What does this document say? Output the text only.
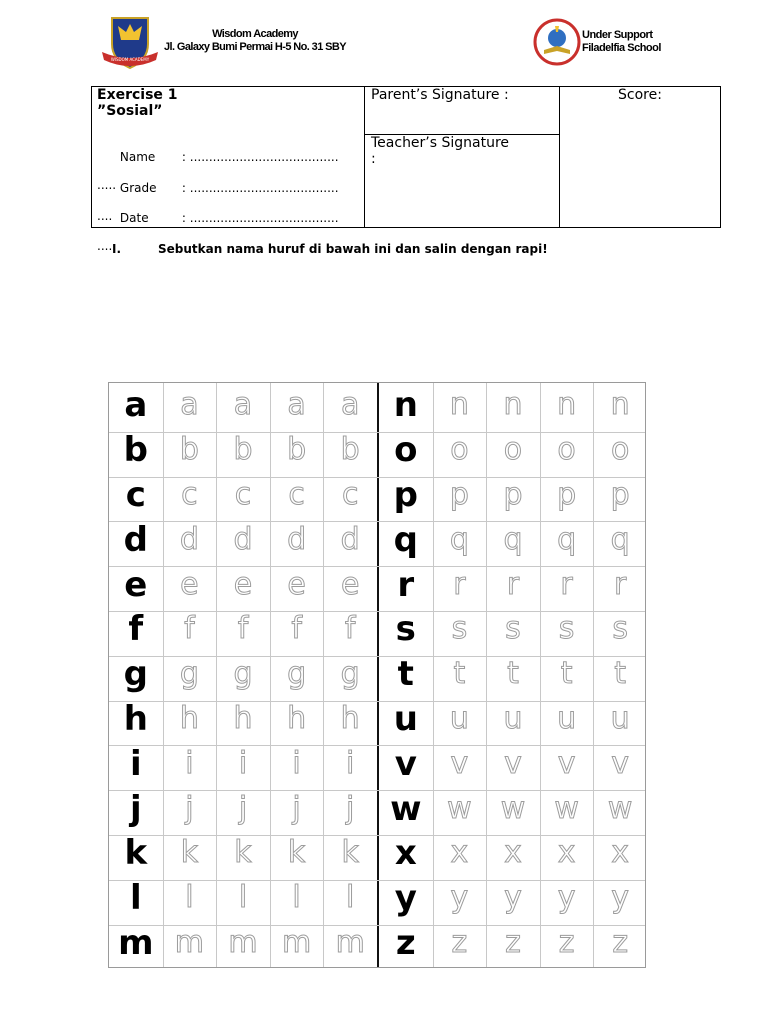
WISDOM ACADEMY
Wisdom Academy
Jl. Galaxy Bumi Permai H-5 No. 31 SBY
Under Support
Filadelfia School
Exercise 1
”Sosial”

Name : .......................................

.....

Grade : .......................................

....

Date	: .......................................

....

Parent’s Signature :
Teacher’s Signature
:
Score:
I.	Sebutkan nama huruf di bawah ini dan salin dengan rapi!
a a a a a n n n n n
b b b b b o o o o o
c c c c c p p p p p
d d d d d q q q q q
e e e e e r r r r r
f f f f f s s s s s
g g g g g t t t t t
h h h h h u u u u u
i i i i i v v v v v
j j j j j w w w w w
k k k k k x x x x x
l l l l l y y y y y
m m m m m z z z z z
